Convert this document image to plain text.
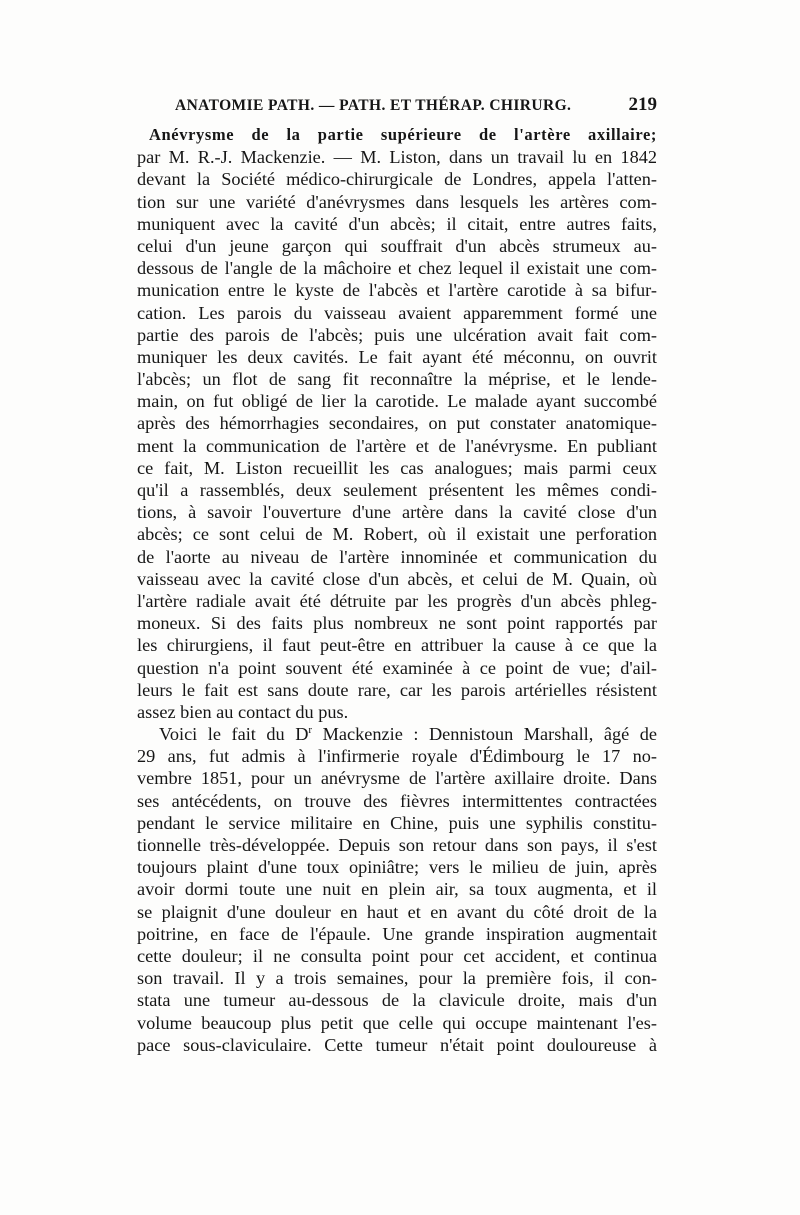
ANATOMIE PATH. — PATH. ET THÉRAP. CHIRURG.	219
Anévrysme de la partie supérieure de l'artère axillaire;
par M. R.-J. Mackenzie. — M. Liston, dans un travail lu en 1842
devant la Société médico-chirurgicale de Londres, appela l'atten-
tion sur une variété d'anévrysmes dans lesquels les artères com-
muniquent avec la cavité d'un abcès; il citait, entre autres faits,
celui d'un jeune garçon qui souffrait d'un abcès strumeux au-
dessous de l'angle de la mâchoire et chez lequel il existait une com-
munication entre le kyste de l'abcès et l'artère carotide à sa bifur-
cation. Les parois du vaisseau avaient apparemment formé une
partie des parois de l'abcès; puis une ulcération avait fait com-
muniquer les deux cavités. Le fait ayant été méconnu, on ouvrit
l'abcès; un flot de sang fit reconnaître la méprise, et le lende-
main, on fut obligé de lier la carotide. Le malade ayant succombé
après des hémorrhagies secondaires, on put constater anatomique-
ment la communication de l'artère et de l'anévrysme. En publiant
ce fait, M. Liston recueillit les cas analogues; mais parmi ceux
qu'il a rassemblés, deux seulement présentent les mêmes condi-
tions, à savoir l'ouverture d'une artère dans la cavité close d'un
abcès; ce sont celui de M. Robert, où il existait une perforation
de l'aorte au niveau de l'artère innominée et communication du
vaisseau avec la cavité close d'un abcès, et celui de M. Quain, où
l'artère radiale avait été détruite par les progrès d'un abcès phleg-
moneux. Si des faits plus nombreux ne sont point rapportés par
les chirurgiens, il faut peut-être en attribuer la cause à ce que la
question n'a point souvent été examinée à ce point de vue; d'ail-
leurs le fait est sans doute rare, car les parois artérielles résistent
assez bien au contact du pus.
Voici le fait du $D^r$ Mackenzie : Dennistoun Marshall, âgé de
29 ans, fut admis à l'infirmerie royale d'Édimbourg le 17 no-
vembre 1851, pour un anévrysme de l'artère axillaire droite. Dans
ses antécédents, on trouve des fièvres intermittentes contractées
pendant le service militaire en Chine, puis une syphilis constitu-
tionnelle très-développée. Depuis son retour dans son pays, il s'est
toujours plaint d'une toux opiniâtre; vers le milieu de juin, après
avoir dormi toute une nuit en plein air, sa toux augmenta, et il
se plaignit d'une douleur en haut et en avant du côté droit de la
poitrine, en face de l'épaule. Une grande inspiration augmentait
cette douleur; il ne consulta point pour cet accident, et continua
son travail. Il y a trois semaines, pour la première fois, il con-
stata une tumeur au-dessous de la clavicule droite, mais d'un
volume beaucoup plus petit que celle qui occupe maintenant l'es-
pace sous-claviculaire. Cette tumeur n'était point douloureuse à
